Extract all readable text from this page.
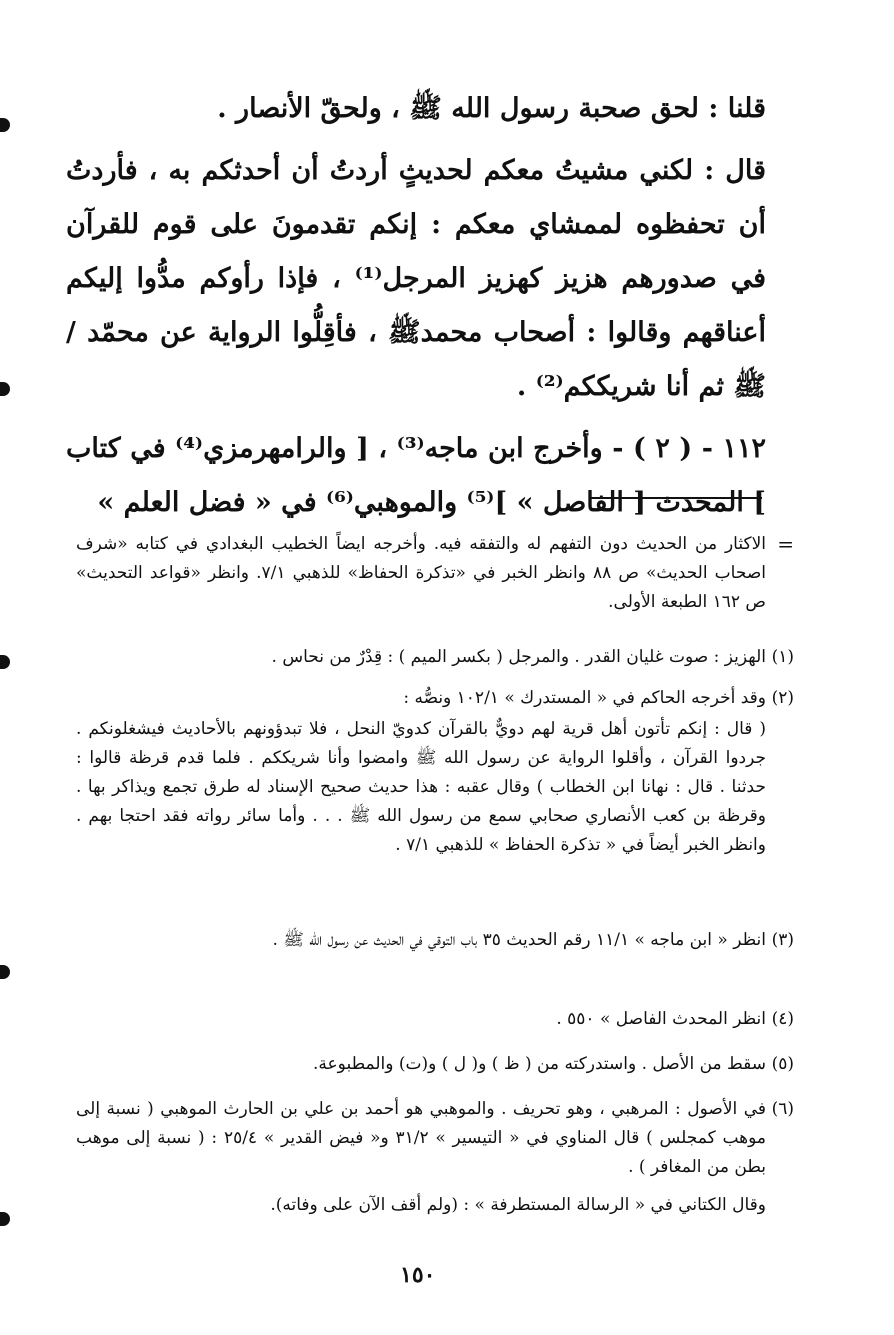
قلنا : لحق صحبة رسول الله ﷺ ، ولحقّ الأنصار .

قال : لكني مشيتُ معكم لحديثٍ أردتُ أن أحدثكم به ، فأردتُ أن تحفظوه لممشاي معكم : إنكم تقدمونَ على قوم للقرآن في صدورهم هزيز كهزيز المرجل⁽¹⁾ ، فإذا رأوكم مدُّوا إليكم أعناقهم وقالوا : أصحاب محمدﷺ ، فأقِلُّوا الرواية عن محمّد / ﷺ ثم أنا شريككم⁽²⁾ .

١١٢ - ( ٢ ) - وأخرج ابن ماجه⁽³⁾ ، [ والرامهرمزي⁽⁴⁾ في كتاب ] المحدث [ الفاصل » ]⁽⁵⁾ والموهبي⁽⁶⁾ في « فضل العلم »

=
الاكثار من الحديث دون التفهم له والتفقه فيه. وأخرجه ايضاً الخطيب البغدادي في كتابه «شرف اصحاب الحديث» ص ٨٨ وانظر الخبر في «تذكرة الحفاظ» للذهبي ٧/١. وانظر «قواعد التحديث» ص ١٦٢ الطبعة الأولى.
(١)
الهزيز : صوت غليان القدر . والمرجل ( بكسر الميم ) : قِدْرٌ من نحاس .
(٢)
وقد أخرجه الحاكم في « المستدرك » ١٠٢/١ ونصُّه :
( قال : إنكم تأتون أهل قرية لهم دويٌّ بالقرآن كدويّ النحل ، فلا تبدؤونهم بالأحاديث فيشغلونكم . جردوا القرآن ، وأقلوا الرواية عن رسول الله ﷺ وامضوا وأنا شريككم . فلما قدم قرظة قالوا : حدثنا . قال : نهانا ابن الخطاب ) وقال عقبه : هذا حديث صحيح الإسناد له طرق تجمع ويذاكر بها . وقرظة بن كعب الأنصاري صحابي سمع من رسول الله ﷺ . . . وأما سائر رواته فقد احتجا بهم . وانظر الخبر أيضاً في « تذكرة الحفاظ » للذهبي ٧/١ .
(٣)
انظر « ابن ماجه » ١١/١ رقم الحديث ٣٥ باب التوقي في الحديث عن رسول الله ﷺ .
(٤)
انظر المحدث الفاصل » ٥٥٠ .
(٥)
سقط من الأصل . واستدركته من ( ظ ) و( ل ) و(ت) والمطبوعة.
(٦)
في الأصول : المرهبي ، وهو تحريف . والموهبي هو أحمد بن علي بن الحارث الموهبي ( نسبة إلى موهب كمجلس ) قال المناوي في « التيسير » ٣١/٢ و« فيض القدير » ٢٥/٤ : ( نسبة إلى موهب بطن من المغافر ) .
وقال الكتاني في « الرسالة المستطرفة » : (ولم أقف الآن على وفاته).
١٥٠
